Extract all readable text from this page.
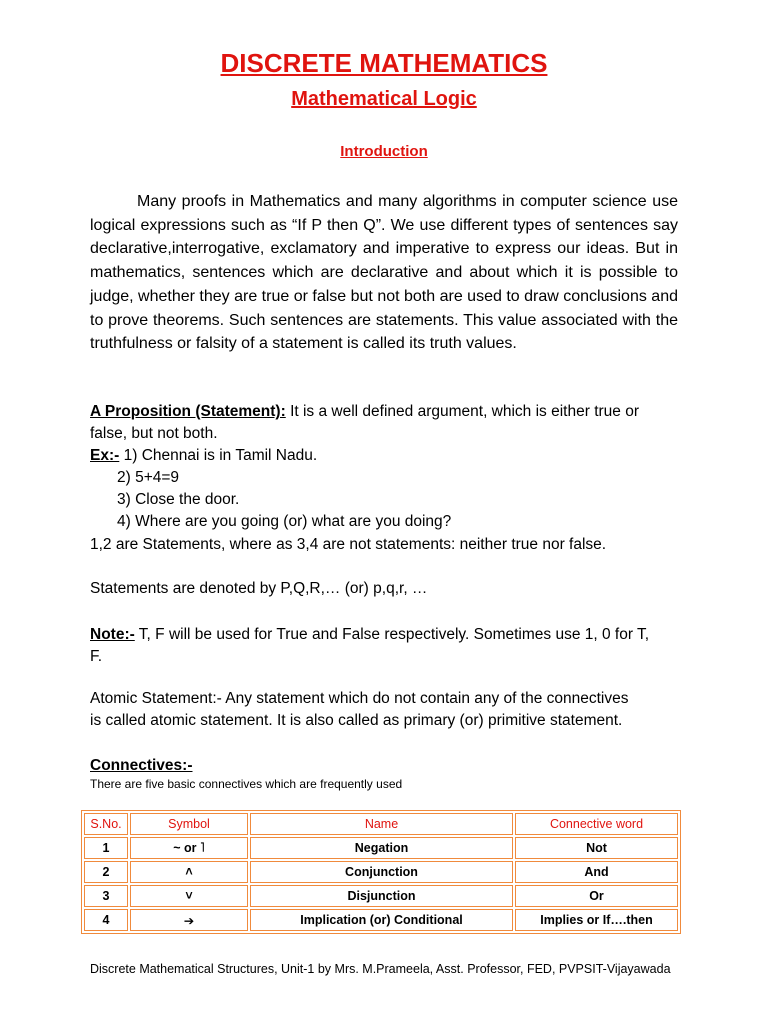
DISCRETE MATHEMATICS
Mathematical Logic
Introduction

Many proofs in Mathematics and many algorithms in computer science use logical expressions such as “If P then Q”. We use different types of sentences say declarative,interrogative, exclamatory and imperative to express our ideas. But in mathematics, sentences which are declarative and about which it is possible to judge, whether they are true or false but not both are used to draw conclusions and to prove theorems. Such sentences are statements. This value associated with the truthfulness or falsity of a statement is called its truth values.

A Proposition (Statement): It is a well defined argument, which is either true or
false, but not both.
Ex:- 1) Chennai is in Tamil Nadu.
2) 5+4=9
3) Close the door.
4) Where are you going (or) what are you doing?
1,2 are Statements, where as 3,4 are not statements: neither true nor false.
Statements are denoted by P,Q,R,… (or) p,q,r, …
Note:- T, F will be used for True and False respectively. Sometimes use 1, 0 for T,
F.
Atomic Statement:- Any statement which do not contain any of the connectives
is called atomic statement. It is also called as primary (or) primitive statement.
Connectives:-
There are five basic connectives which are frequently used
S.No.	Symbol	Name	Connective word
1	~ or ˥	Negation	Not
2	˄	Conjunction	And
3	˅	Disjunction	Or
4	➔	Implication (or) Conditional	Implies or If….then
Discrete Mathematical Structures, Unit-1 by Mrs. M.Prameela, Asst. Professor, FED, PVPSIT-Vijayawada
